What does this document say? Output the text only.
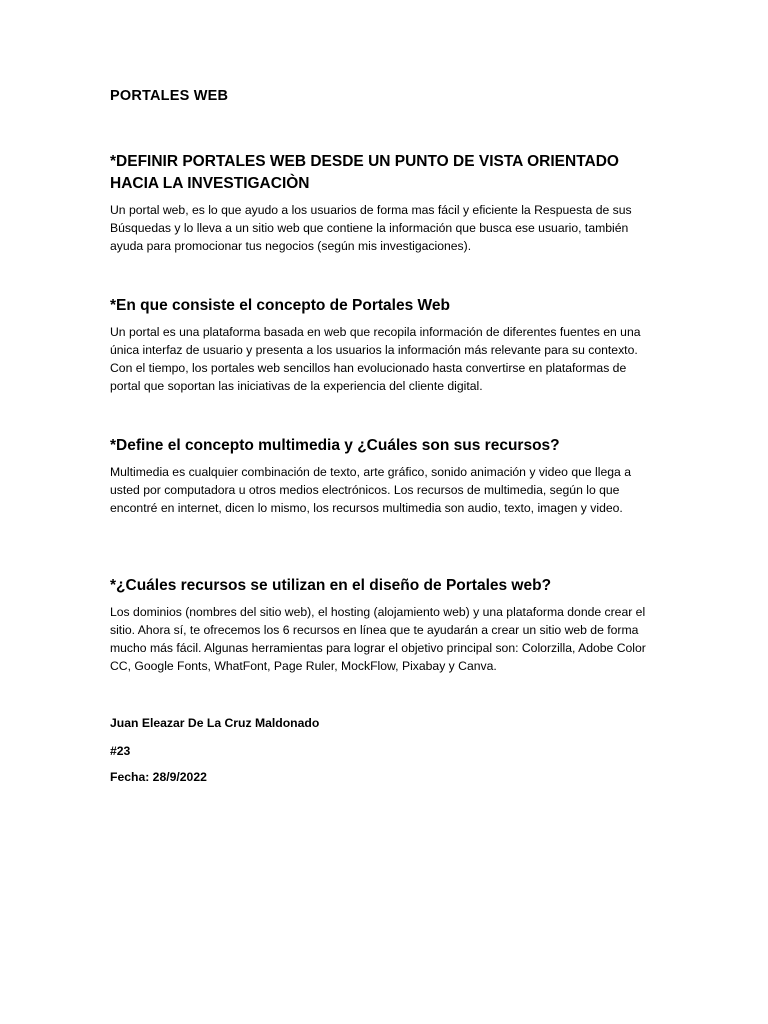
PORTALES WEB
*DEFINIR PORTALES WEB DESDE UN PUNTO DE VISTA ORIENTADO HACIA LA INVESTIGACIÒN

Un portal web, es lo que ayudo a los usuarios de forma mas fácil y eficiente la Respuesta de sus Búsquedas y lo lleva a un sitio web que contiene la información que busca ese usuario, también ayuda para promocionar tus negocios (según mis investigaciones).

*En que consiste el concepto de Portales Web

Un portal es una plataforma basada en web que recopila información de diferentes fuentes en una única interfaz de usuario y presenta a los usuarios la información más relevante para su contexto. Con el tiempo, los portales web sencillos han evolucionado hasta convertirse en plataformas de portal que soportan las iniciativas de la experiencia del cliente digital.

*Define el concepto multimedia y ¿Cuáles son sus recursos?

Multimedia es cualquier combinación de texto, arte gráfico, sonido animación y video que llega a usted por computadora u otros medios electrónicos. Los recursos de multimedia, según lo que encontré en internet, dicen lo mismo, los recursos multimedia son audio, texto, imagen y video.

*¿Cuáles recursos se utilizan en el diseño de Portales web?

Los dominios (nombres del sitio web), el hosting (alojamiento web) y una plataforma donde crear el sitio. Ahora sí, te ofrecemos los 6 recursos en línea que te ayudarán a crear un sitio web de forma mucho más fácil. Algunas herramientas para lograr el objetivo principal son: Colorzilla, Adobe Color CC, Google Fonts, WhatFont, Page Ruler, MockFlow, Pixabay y Canva.

Juan Eleazar De La Cruz Maldonado

#23

Fecha: 28/9/2022
